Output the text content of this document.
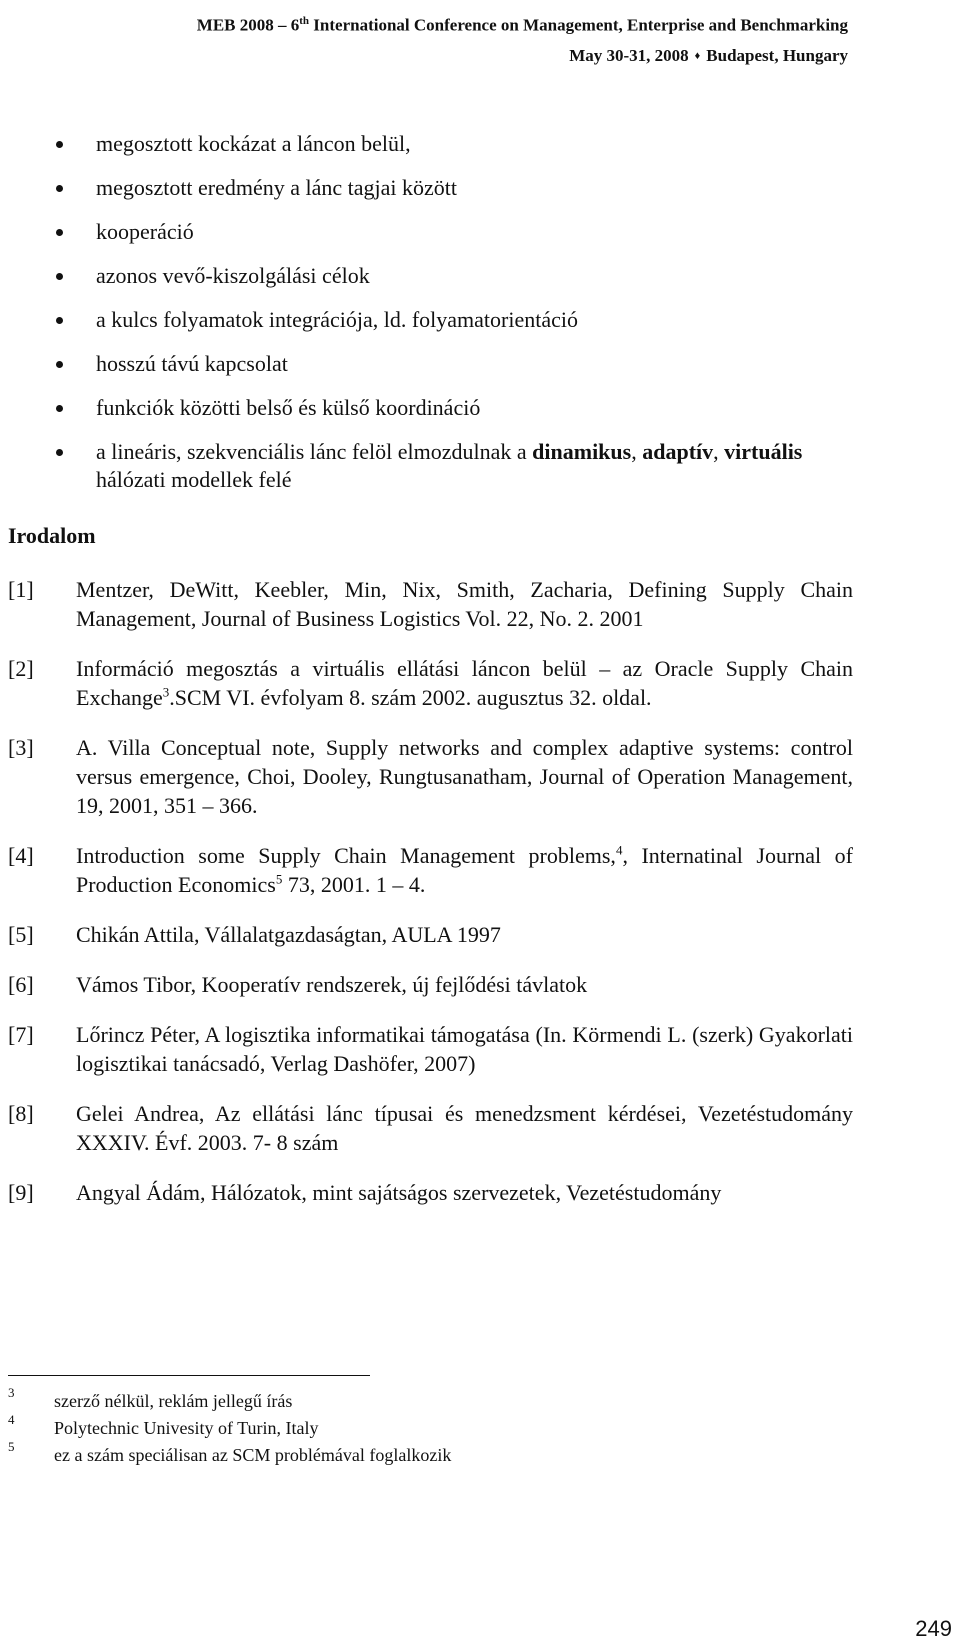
MEB 2008 – 6th International Conference on Management, Enterprise and Benchmarking
May 30-31, 2008 ♦ Budapest, Hungary
megosztott kockázat a láncon belül,
megosztott eredmény a lánc tagjai között
kooperáció
azonos vevő-kiszolgálási célok
a kulcs folyamatok integrációja, ld. folyamatorientáció
hosszú távú kapcsolat
funkciók közötti belső és külső koordináció
a lineáris, szekvenciális lánc felöl elmozdulnak a dinamikus, adaptív, virtuális hálózati modellek felé
Irodalom
[1] Mentzer, DeWitt, Keebler, Min, Nix, Smith, Zacharia, Defining Supply Chain Management, Journal of Business Logistics Vol. 22, No. 2. 2001
[2] Információ megosztás a virtuális ellátási láncon belül – az Oracle Supply Chain Exchange$^3$.SCM VI. évfolyam 8. szám 2002. augusztus 32. oldal.
[3] A. Villa Conceptual note, Supply networks and complex adaptive systems: control versus emergence, Choi, Dooley, Rungtusanatham, Journal of Operation Management, 19, 2001, 351 – 366.
[4] Introduction some Supply Chain Management problems,$^4$, Internatinal Journal of Production Economics$^5$ 73, 2001. 1 – 4.
[5] Chikán Attila, Vállalatgazdaságtan, AULA 1997
[6] Vámos Tibor, Kooperatív rendszerek, új fejlődési távlatok
[7] Lőrincz Péter, A logisztika informatikai támogatása (In. Körmendi L. (szerk) Gyakorlati logisztikai tanácsadó, Verlag Dashöfer, 2007)
[8] Gelei Andrea, Az ellátási lánc típusai és menedzsment kérdései, Vezetéstudomány XXXIV. Évf. 2003. 7- 8 szám
[9] Angyal Ádám, Hálózatok, mint sajátságos szervezetek, Vezetéstudomány
3 szerző nélkül, reklám jellegű írás
4 Polytechnic Univesity of Turin, Italy
5 ez a szám speciálisan az SCM problémával foglalkozik
249
